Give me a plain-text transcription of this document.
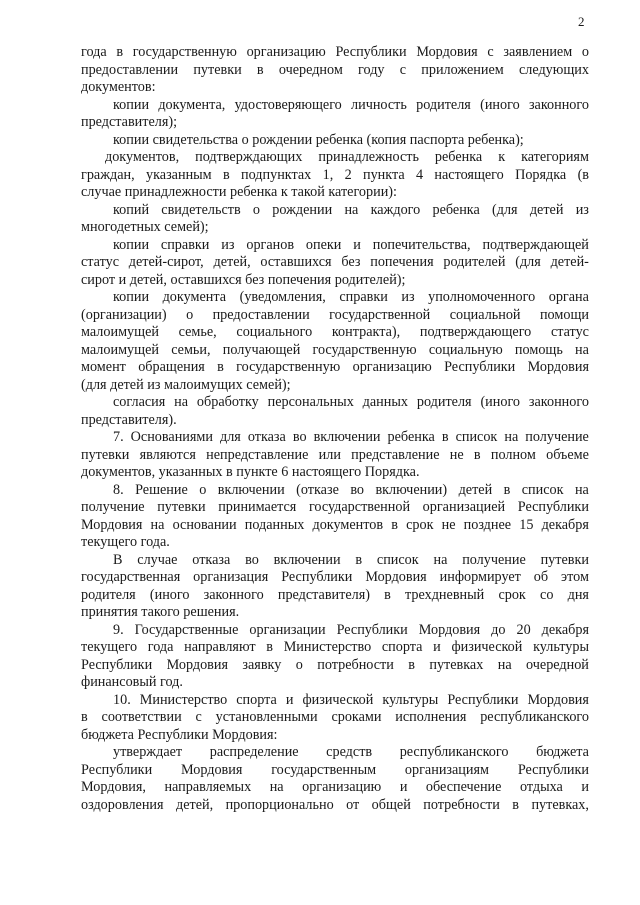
2
года в государственную организацию Республики Мордовия с заявлением о
предоставлении путевки в очередном году с приложением следующих
документов:
копии документа, удостоверяющего личность родителя (иного законного
представителя);
копии свидетельства о рождении ребенка (копия паспорта ребенка);
документов, подтверждающих принадлежность ребенка к категориям
граждан, указанным в подпунктах 1, 2 пункта 4 настоящего Порядка (в
случае принадлежности ребенка к такой категории):
копий свидетельств о рождении на каждого ребенка (для детей из
многодетных семей);
копии справки из органов опеки и попечительства, подтверждающей
статус детей-сирот, детей, оставшихся без попечения родителей (для детей-
сирот и детей, оставшихся без попечения родителей);
копии документа (уведомления, справки из уполномоченного органа
(организации) о предоставлении государственной социальной помощи
малоимущей семье, социального контракта), подтверждающего статус
малоимущей семьи, получающей государственную социальную помощь на
момент обращения в государственную организацию Республики Мордовия
(для детей из малоимущих семей);
согласия на обработку персональных данных родителя (иного законного
представителя).
7. Основаниями для отказа во включении ребенка в список на получение
путевки являются непредставление или представление не в полном объеме
документов, указанных в пункте 6 настоящего Порядка.
8. Решение о включении (отказе во включении) детей в список на
получение путевки принимается государственной организацией Республики
Мордовия на основании поданных документов в срок не позднее 15 декабря
текущего года.
В случае отказа во включении в список на получение путевки
государственная организация Республики Мордовия информирует об этом
родителя (иного законного представителя) в трехдневный срок со дня
принятия такого решения.
9. Государственные организации Республики Мордовия до 20 декабря
текущего года направляют в Министерство спорта и физической культуры
Республики Мордовия заявку о потребности в путевках на очередной
финансовый год.
10. Министерство спорта и физической культуры Республики Мордовия
в соответствии с установленными сроками исполнения республиканского
бюджета Республики Мордовия:
утверждает распределение средств республиканского бюджета
Республики Мордовия государственным организациям Республики
Мордовия, направляемых на организацию и обеспечение отдыха и
оздоровления детей, пропорционально от общей потребности в путевках,
